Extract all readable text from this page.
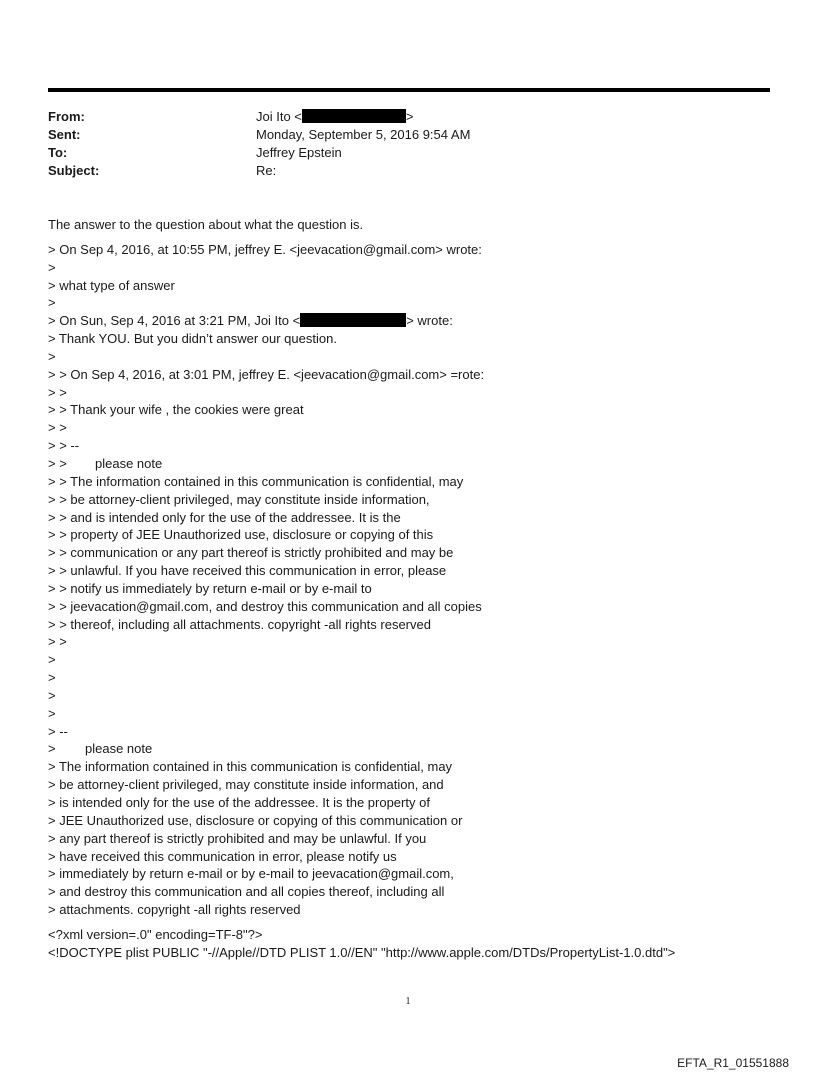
From:	Joi Ito <	>
Sent:	Monday, September 5, 2016 9:54 AM
To:	Jeffrey Epstein
Subject:	Re:
The answer to the question about what the question is.
> On Sep 4, 2016, at 10:55 PM, jeffrey E. <jeevacation@gmail.com> wrote:
>
> what type of answer
>
> On Sun, Sep 4, 2016 at 3:21 PM, Joi Ito <	> wrote:
> Thank YOU. But you didn’t answer our question.
>
> > On Sep 4, 2016, at 3:01 PM, jeffrey E. <jeevacation@gmail.com> =rote:
> >
> > Thank your wife , the cookies were great
> >
> > --
> > please note
> > The information contained in this communication is confidential, may
> > be attorney-client privileged, may constitute inside information,
> > and is intended only for the use of the addressee. It is the
> > property of JEE Unauthorized use, disclosure or copying of this
> > communication or any part thereof is strictly prohibited and may be
> > unlawful. If you have received this communication in error, please
> > notify us immediately by return e-mail or by e-mail to
> > jeevacation@gmail.com, and destroy this communication and all copies
> > thereof, including all attachments. copyright -all rights reserved
> >
>
>
>
>
> --
> please note
> The information contained in this communication is confidential, may
> be attorney-client privileged, may constitute inside information, and
> is intended only for the use of the addressee. It is the property of
> JEE Unauthorized use, disclosure or copying of this communication or
> any part thereof is strictly prohibited and may be unlawful. If you
> have received this communication in error, please notify us
> immediately by return e-mail or by e-mail to jeevacation@gmail.com,
> and destroy this communication and all copies thereof, including all
> attachments. copyright -all rights reserved
<?xml version=.0" encoding=TF-8"?>
<!DOCTYPE plist PUBLIC "-//Apple//DTD PLIST 1.0//EN" "http://www.apple.com/DTDs/PropertyList-1.0.dtd">
1
EFTA_R1_01551888
